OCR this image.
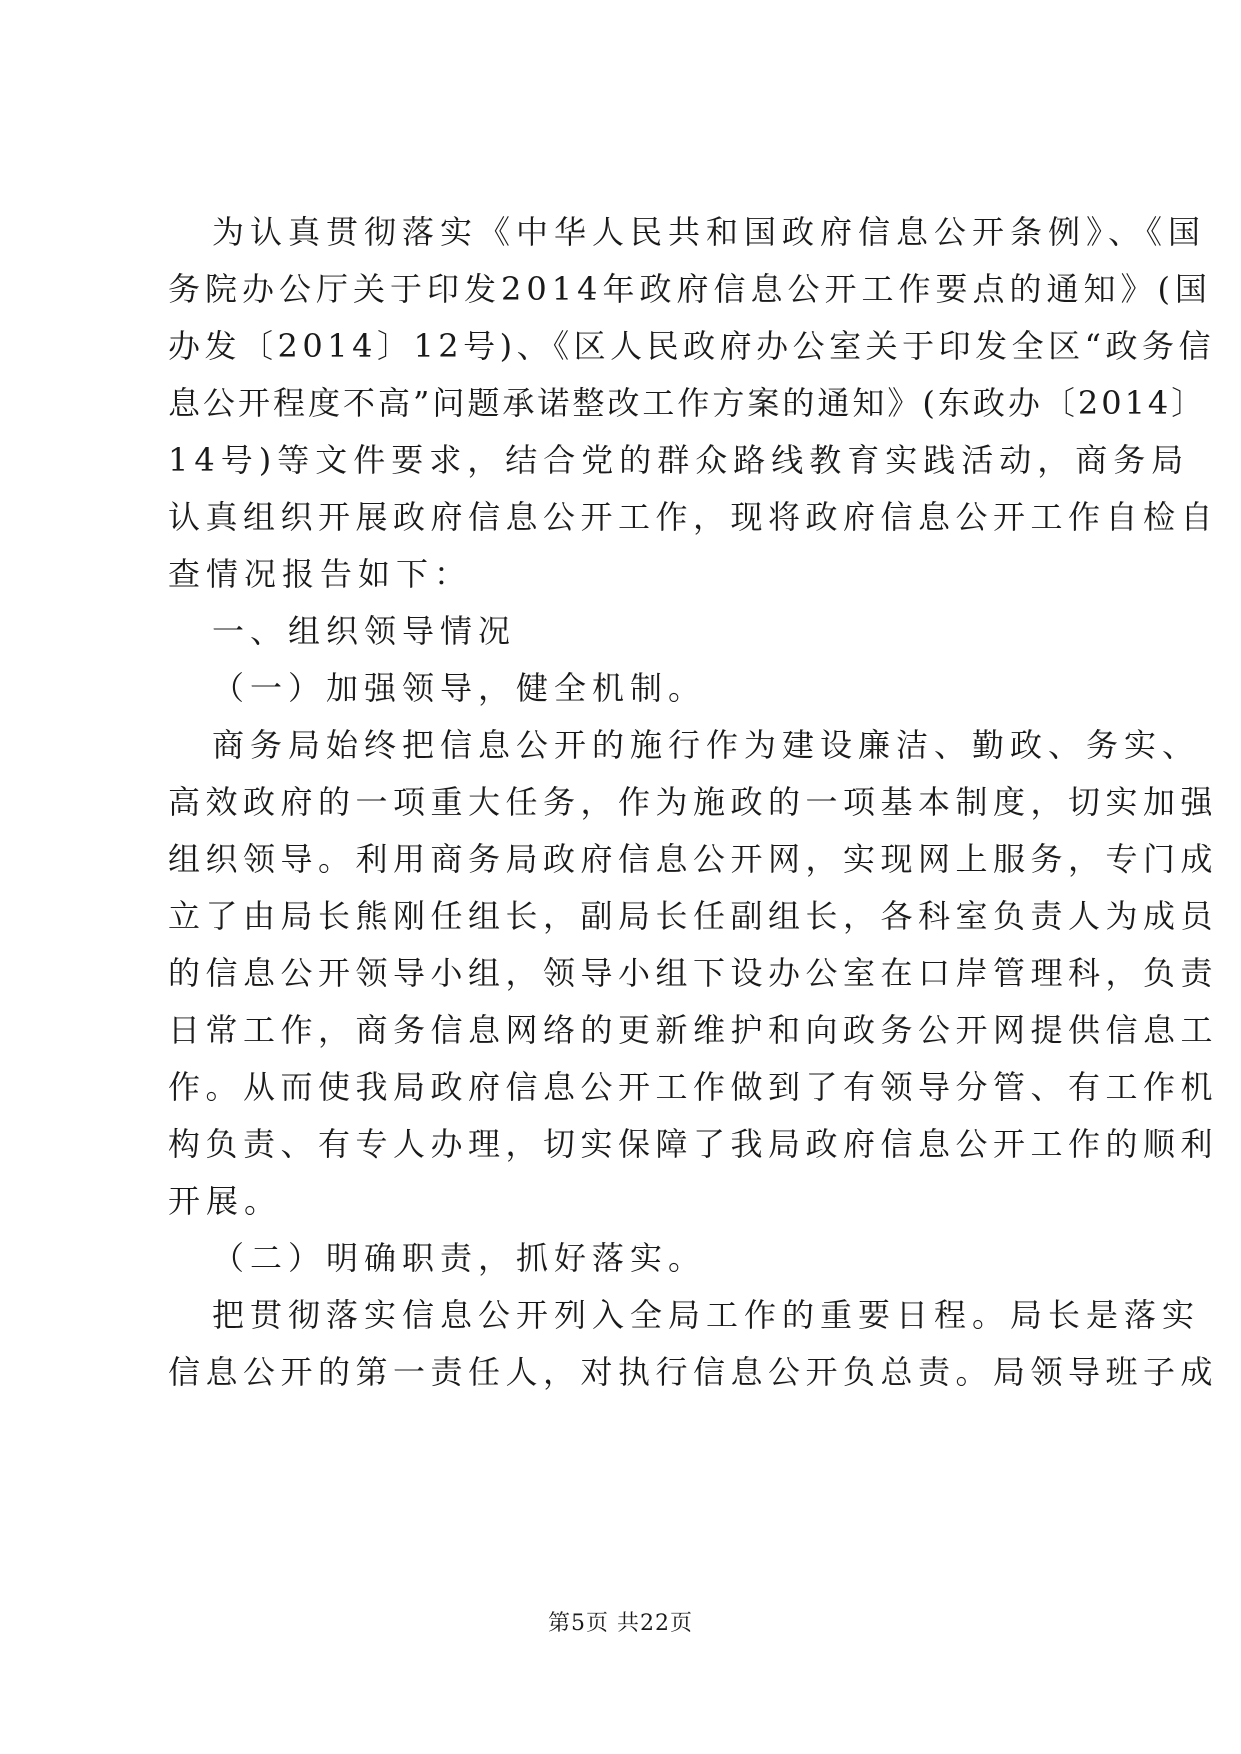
为认真贯彻落实《中华人民共和国政府信息公开条例》、《国
务院办公厅关于印发2014年政府信息公开工作要点的通知》(国
办发〔2014〕12号)、《区人民政府办公室关于印发全区“政务信
息公开程度不高”问题承诺整改工作方案的通知》(东政办〔2014〕
14号)等文件要求，结合党的群众路线教育实践活动，商务局
认真组织开展政府信息公开工作，现将政府信息公开工作自检自
查情况报告如下：
一、组织领导情况
（一）加强领导，健全机制。
商务局始终把信息公开的施行作为建设廉洁、勤政、务实、
高效政府的一项重大任务，作为施政的一项基本制度，切实加强
组织领导。利用商务局政府信息公开网，实现网上服务，专门成
立了由局长熊刚任组长，副局长任副组长，各科室负责人为成员
的信息公开领导小组，领导小组下设办公室在口岸管理科，负责
日常工作，商务信息网络的更新维护和向政务公开网提供信息工
作。从而使我局政府信息公开工作做到了有领导分管、有工作机
构负责、有专人办理，切实保障了我局政府信息公开工作的顺利
开展。
（二）明确职责，抓好落实。
把贯彻落实信息公开列入全局工作的重要日程。局长是落实
信息公开的第一责任人，对执行信息公开负总责。局领导班子成
第5页 共22页
